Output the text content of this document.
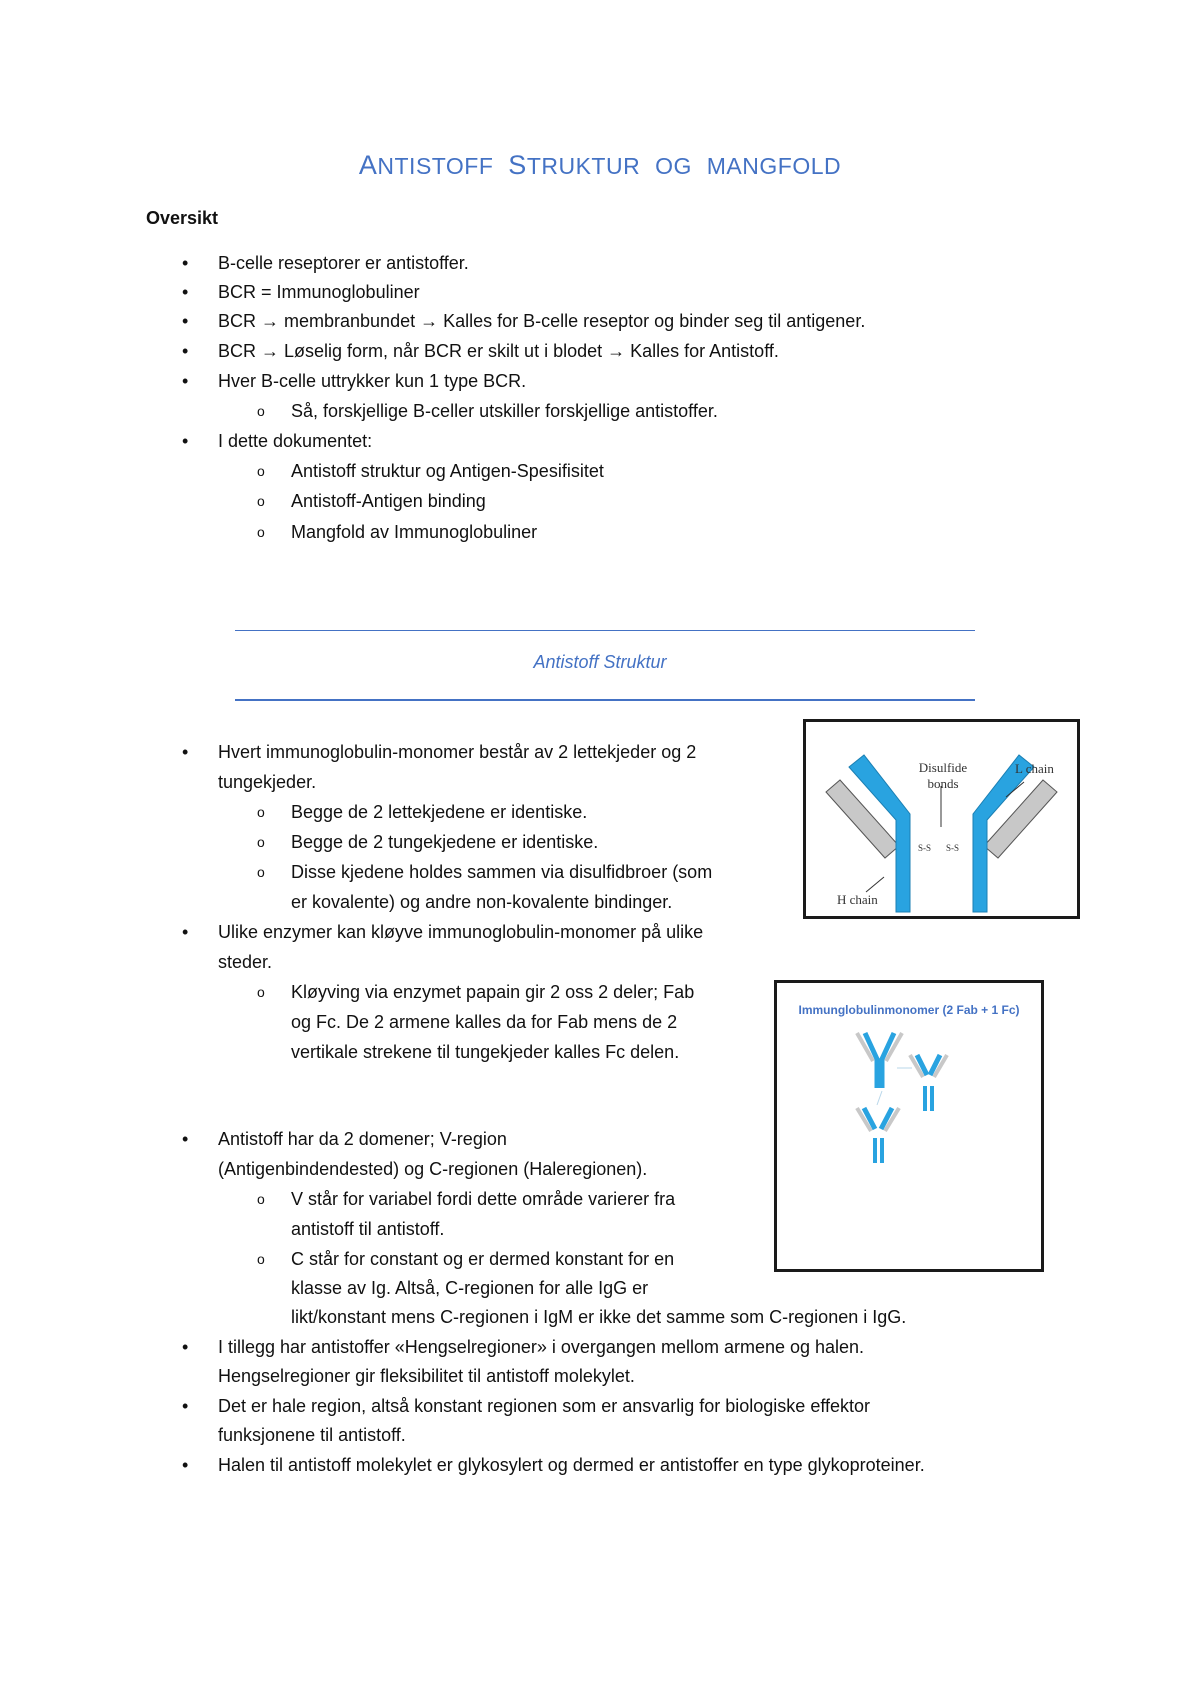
ANTISTOFF STRUKTUR OG MANGFOLD
Oversikt
•	B-celle reseptorer er antistoffer.
•	BCR = Immunoglobuliner
•	BCR → membranbundet → Kalles for B-celle reseptor og binder seg til antigener.
•	BCR → Løselig form, når BCR er skilt ut i blodet → Kalles for Antistoff.
•	Hver B-celle uttrykker kun 1 type BCR.
o Så, forskjellige B-celler utskiller forskjellige antistoffer.
•	I dette dokumentet:
o Antistoff struktur og Antigen-Spesifisitet
o Antistoff-Antigen binding
o Mangfold av Immunoglobuliner
Antistoff Struktur
•	Hvert immunoglobulin-monomer består av 2 lettekjeder og 2
tungekjeder.
o Begge de 2 lettekjedene er identiske.
o Begge de 2 tungekjedene er identiske.
o Disse kjedene holdes sammen via disulfidbroer (som
er kovalente) og andre non-kovalente bindinger.
•	Ulike enzymer kan kløyve immunoglobulin-monomer på ulike
steder.
o Kløyving via enzymet papain gir 2 oss 2 deler; Fab
og Fc. De 2 armene kalles da for Fab mens de 2
vertikale strekene til tungekjeder kalles Fc delen.
•	Antistoff har da 2 domener; V-region
(Antigenbindendested) og C-regionen (Haleregionen).
o V står for variabel fordi dette område varierer fra
antistoff til antistoff.
o C står for constant og er dermed konstant for en
klasse av Ig. Altså, C-regionen for alle IgG er
likt/konstant mens C-regionen i IgM er ikke det samme som C-regionen i IgG.
•	I tillegg har antistoffer «Hengselregioner» i overgangen mellom armene og halen.
Hengselregioner gir fleksibilitet til antistoff molekylet.
•	Det er hale region, altså konstant regionen som er ansvarlig for biologiske effektor
funksjonene til antistoff.
•	Halen til antistoff molekylet er glykosylert og dermed er antistoffer en type glykoproteiner.
Disulfide
bonds
L chain
H chain
S-S S-S
Immunglobulinmonomer (2 Fab + 1 Fc)
